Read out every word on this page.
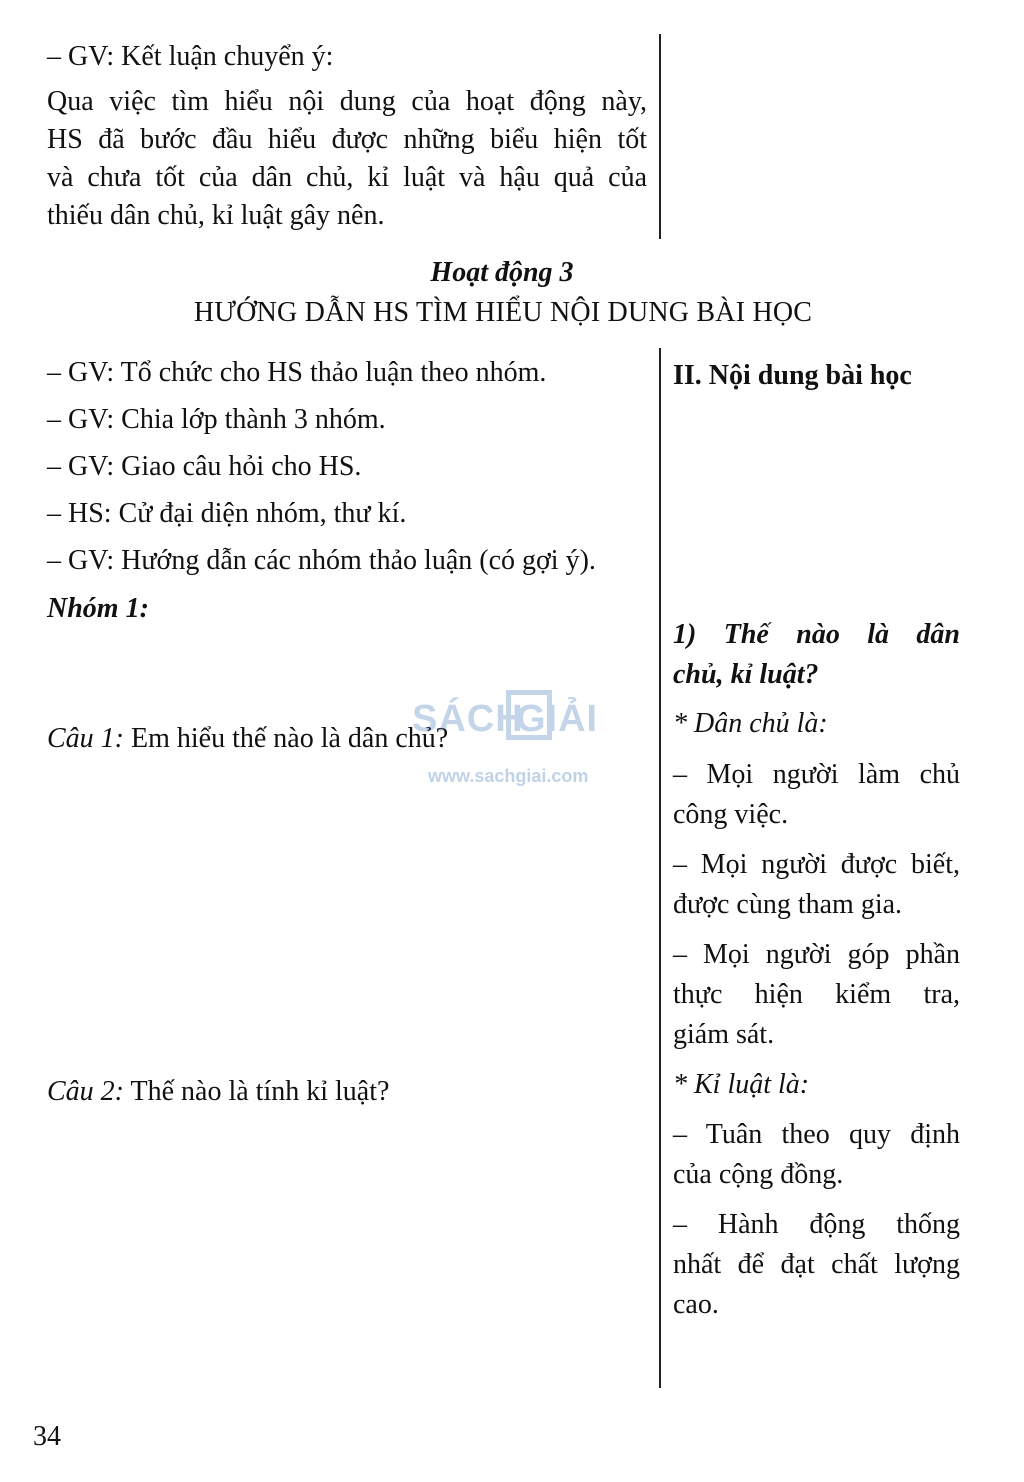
– GV: Kết luận chuyển ý:
Qua việc tìm hiểu nội dung của hoạt động này,
HS đã bước đầu hiểu được những biểu hiện tốt
và chưa tốt của dân chủ, kỉ luật và hậu quả của
thiếu dân chủ, kỉ luật gây nên.
Hoạt động 3
HƯỚNG DẪN HS TÌM HIỂU NỘI DUNG BÀI HỌC
– GV: Tổ chức cho HS thảo luận theo nhóm.
– GV: Chia lớp thành 3 nhóm.
– GV: Giao câu hỏi cho HS.
– HS: Cử đại diện nhóm, thư kí.
– GV: Hướng dẫn các nhóm thảo luận (có gợi ý).
Nhóm 1:
Câu 1: Em hiểu thế nào là dân chủ?
Câu 2: Thế nào là tính kỉ luật?
II. Nội dung bài học
1) Thế nào là dân
chủ, kỉ luật?
* Dân chủ là:
– Mọi người làm chủ
công việc.
– Mọi người được biết,
được cùng tham gia.
– Mọi người góp phần
thực hiện kiểm tra,
giám sát.
* Kỉ luật là:
– Tuân theo quy định
của cộng đồng.
– Hành động thống
nhất để đạt chất lượng
cao.
SÁCH
GIẢI
www.sachgiai.com
34
